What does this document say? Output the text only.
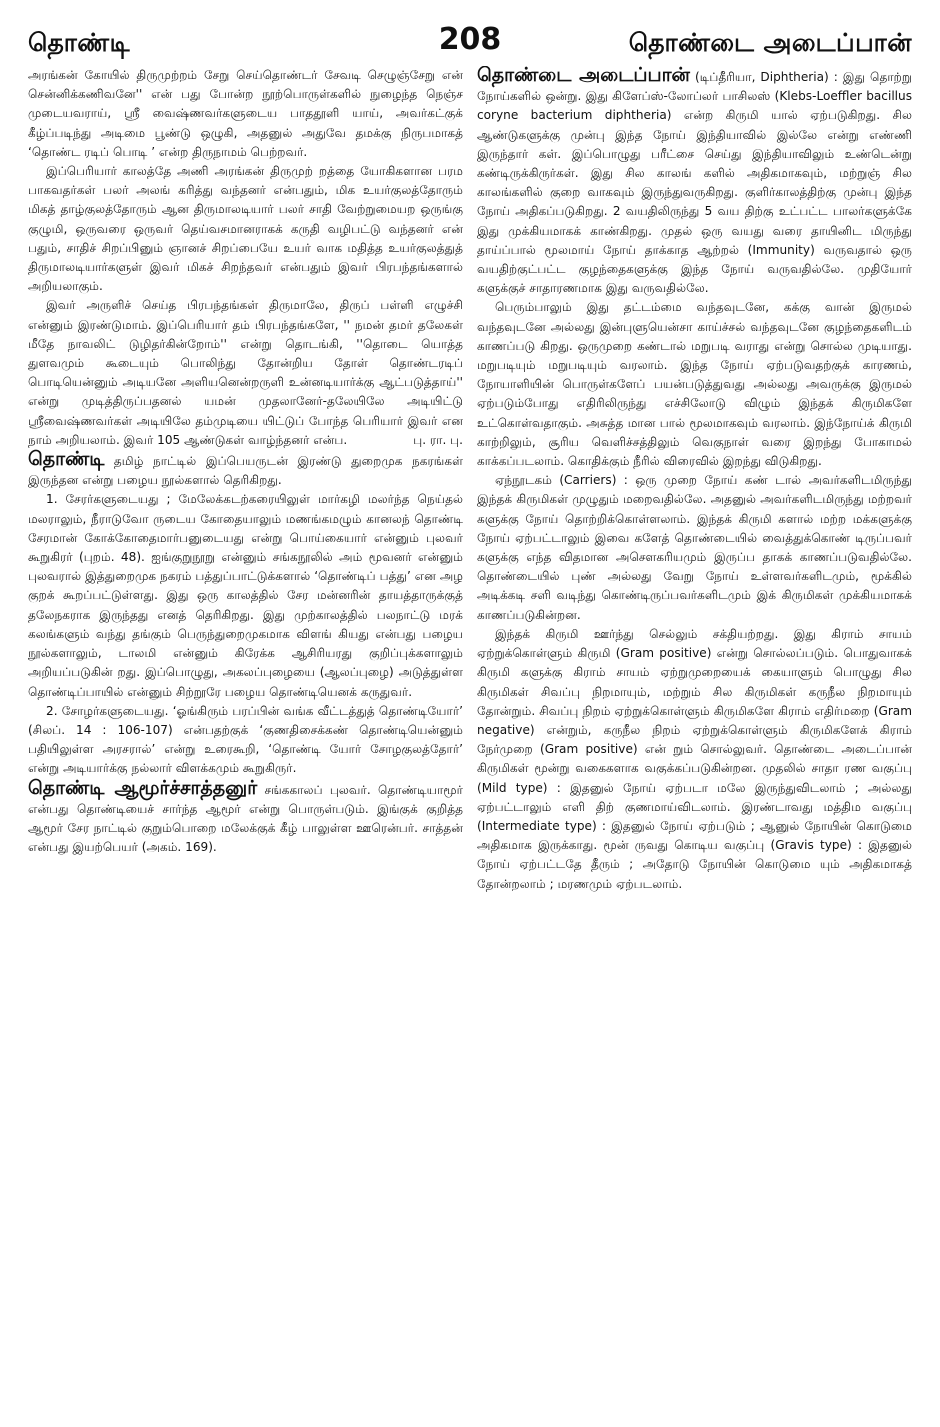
தொண்டி	208	தொண்டை அடைப்பான்

அரங்கன் கோயில் திருமுற்றம் சேறு செய்தொண்டர் சேவடி செழுஞ்சேறு என் சென்னிக்கணிவனே'' என் பது போன்ற நூற்பொருள்களில் நுழைந்த நெஞ்ச முடையவராய், ஸ்ரீ வைஷ்ணவர்களுடைய பாததூளி யாய், அவர்கட்குக் கீழ்ப்படிந்து அடிமை பூண்டு ஒழுகி, அதனுல் அதுவே தமக்கு நிருபமாகத் ‘தொண்ட ரடிப் பொடி ’ என்ற திருநாமம் பெற்றவர்.

இப்பெரியார் காலத்தே அணி அரங்கன் திருமுற் றத்தை யோகிகளான பரம பாகவதர்கள் பலர் அலங் கரித்து வந்தனர் என்பதும், மிக உயர்குலத்தோரும் மிகத் தாழ்குலத்தோரும் ஆன திருமாலடியார் பலர் சாதி வேற்றுமையற ஒருங்கு குழுமி, ஒருவரை ஒருவர் தெய்வசமானராகக் கருதி வழிபட்டு வந்தனர் என் பதும், சாதிச் சிறப்பினும் ஞானச் சிறப்பையே உயர் வாக மதித்த உயர்குலத்துத் திருமாலடியார்களுள் இவர் மிகச் சிறந்தவர் என்பதும் இவர் பிரபந்தங்களால் அறியலாகும்.

இவர் அருளிச் செய்த பிரபந்தங்கள் திருமாலே, திருப் பள்ளி எழுச்சி என்னும் இரண்டுமாம். இப்பெரியார் தம் பிரபந்தங்களே, '' நமன் தமர் தலேகள் மீதே நாவலிட் டுழிதர்கின்றோம்'' என்று தொடங்கி, ''தொடை யொத்த துளவமும் கூடையும் பொலிந்து தோன்றிய தோள் தொண்டரடிப் பொடியென்னும் அடியனே அளியனென்றருளி உன்னடியார்க்கு ஆட்படுத்தாய்'' என்று முடித்திருப்பதனல் யமன் முதலானேர்-தலேயிலே அடியிட்டு ஸ்ரீவைஷ்ணவர்கள் அடியிலே தம்முடியை யிட்டுப் போந்த பெரியார் இவர் என நாம் அறியலாம். இவர் 105 ஆண்டுகள் வாழ்ந்தனர் என்ப.	பு. ரா. பு.

தொண்டி தமிழ் நாட்டில் இப்பெயருடன் இரண்டு துறைமுக நகரங்கள் இருந்தன என்று பழைய நூல்களால் தெரிகிறது.

1. சேரர்களுடையது ; மேலேக்கடற்கரையிலுள் மார்கழி மலர்ந்த நெய்தல் மலராலும், நீராடுவோ ருடைய கோதையாலும் மணங்கமழும் கானலந் தொண்டி சேரமான் கோக்கோதைமார்பனுடையது என்று பொய்கையார் என்னும் புலவர் கூறுகிரர் (புறம். 48). ஐங்குறுநூறு என்னும் சங்கநூலில் அம் மூவனர் என்னும் புலவரால் இத்துறைமுக நகரம் பத்துப்பாட்டுக்களால் ‘தொண்டிப் பத்து’ என அழ குறக் கூறப்பட்டுள்ளது. இது ஒரு காலத்தில் சேர மன்னரின் தாயத்தாருக்குத் தலேநகராக இருந்தது எனத் தெரிகிறது. இது முற்காலத்தில் பலநாட்டு மரக் கலங்களும் வந்து தங்கும் பெருந்துறைமுகமாக விளங் கியது என்பது பழைய நூல்களாலும், டாலமி என்னும் கிரேக்க ஆசிரியரது குறிப்புக்களாலும் அறியப்படுகின் றது. இப்பொழுது, அகலப்புழையை (ஆலப்புழை) அடுத்துள்ள தொண்டிப்பாயில் என்னும் சிற்றூரே பழைய தொண்டியெனக் கருதுவர்.

2. சோழர்களுடையது. ‘ஓங்கிரும் பரப்பின் வங்க வீட்டத்துத் தொண்டியோர்’ (சிலப். 14 : 106-107) என்பதற்குக் ‘குணதிசைக்கண் தொண்டியென்னும் பதியிலுள்ள அரசரால்’ என்று உரைகூறி, ‘தொண்டி யோர் சோழகுலத்தோர்’ என்று அடியார்க்கு நல்லார் விளக்கமும் கூறுகிருர்.

தொண்டி ஆமூர்ச்சாத்தனுர் சங்ககாலப் புலவர். தொண்டியாமூர் என்பது தொண்டியைச் சார்ந்த ஆமூர் என்று பொருள்படும். இங்குக் குறித்த ஆமூர் சேர நாட்டில் குறும்பொறை மலேக்குக் கீழ் பாலுள்ள ஊரென்பர். சாத்தன் என்பது இயற்பெயர் (அகம். 169).

தொண்டை அடைப்பான் (டிப்தீரியா, Diphtheria) : இது தொற்று நோய்களில் ஒன்று. இது கிளேப்ஸ்-லோப்லர் பாசிலஸ் (Klebs-Loeffler bacillus coryne bacterium diphtheria) என்ற கிருமி யால் ஏற்படுகிறது. சில ஆண்டுகளுக்கு முன்பு இந்த நோய் இந்தியாவில் இல்லே என்று எண்ணி இருந்தார் கள். இப்பொழுது பரீட்சை செய்து இந்தியாவிலும் உண்டென்று கண்டிருக்கிருர்கள். இது சில காலங் களில் அதிகமாகவும், மற்றுஞ் சில காலங்களில் குறை வாகவும் இருந்துவருகிறது. குளிர்காலத்திற்கு முன்பு இந்த நோய் அதிகப்படுகிறது. 2 வயதிலிருந்து 5 வய திற்கு உட்பட்ட பாலர்களுக்கே இது முக்கியமாகக் காண்கிறது. முதல் ஒரு வயது வரை தாயினிட மிருந்து தாய்ப்பால் மூலமாய் நோய் தாக்காத ஆற்றல் (Immunity) வருவதால் ஒரு வயதிற்குட்பட்ட குழந்தைகளுக்கு இந்த நோய் வருவதில்லே. முதியோர் களுக்குச் சாதாரணமாக இது வருவதில்லே.

பெரும்பாலும் இது தட்டம்மை வந்தவுடனே, கக்கு வான் இருமல் வந்தவுடனே அல்லது இன்புளுயென்சா காய்ச்சல் வந்தவுடனே குழந்தைகளிடம் காணப்படு கிறது. ஒருமுறை கண்டால் மறுபடி வராது என்று சொல்ல முடியாது. மறுபடியும் மறுபடியும் வரலாம். இந்த நோய் ஏற்படுவதற்குக் காரணம், நோயாளியின் பொருள்களேப் பயன்படுத்துவது அல்லது அவருக்கு இருமல் ஏற்படும்போது எதிரிலிருந்து எச்சிலோடு விழும் இந்தக் கிருமிகளே உட்கொள்வதாகும். அசுத்த மான பால் மூலமாகவும் வரலாம். இந்நோய்க் கிருமி காற்றிலும், சூரிய வெளிச்சத்திலும் வெகுநாள் வரை இறந்து போகாமல் காக்கப்படலாம். கொதிக்கும் நீரில் விரைவில் இறந்து விடுகிறது.

ஏந்நூடகம் (Carriers) : ஒரு முறை நோய் கண் டால் அவர்களிடமிருந்து இந்தக் கிருமிகள் முழுதும் மறைவதில்லே. அதனுல் அவர்களிடமிருந்து மற்றவர் களுக்கு நோய் தொற்றிக்கொள்ளலாம். இந்தக் கிருமி களால் மற்ற மக்களுக்கு நோய் ஏற்பட்டாலும் இவை களேத் தொண்டையில் வைத்துக்கொண் டிருப்பவர் களுக்கு எந்த விதமான அசௌகரியமும் இருப்ப தாகக் காணப்படுவதில்லே. தொண்டையில் புண் அல்லது வேறு நோய் உள்ளவர்களிடமும், மூக்கில் அடிக்கடி சளி வடிந்து கொண்டிருப்பவர்களிடமும் இக் கிருமிகள் முக்கியமாகக் காணப்படுகின்றன.

இந்தக் கிருமி ஊர்ந்து செல்லும் சக்தியற்றது. இது கிராம் சாயம் ஏற்றுக்கொள்ளும் கிருமி (Gram positive) என்று சொல்லப்படும். பொதுவாகக் கிருமி களுக்கு கிராம் சாயம் ஏற்றுமுறையைக் கையாளும் பொழுது சில கிருமிகள் சிவப்பு நிறமாயும், மற்றும் சில கிருமிகள் கருநீல நிறமாயும் தோன்றும். சிவப்பு நிறம் ஏற்றுக்கொள்ளும் கிருமிகளே கிராம் எதிர்மறை (Gram negative) என்றும், கருநீல நிறம் ஏற்றுக்கொள்ளும் கிருமிகளேக் கிராம் நேர்முறை (Gram positive) என் றும் சொல்லுவர். தொண்டை அடைப்பான் கிருமிகள் மூன்று வகைகளாக வகுக்கப்படுகின்றன. முதலில் சாதா ரண வகுப்பு (Mild type) : இதனுல் நோய் ஏற்படா மலே இருந்துவிடலாம் ; அல்லது ஏற்பட்டாலும் எளி திற் குணமாய்விடலாம். இரண்டாவது மத்திம வகுப்பு (Intermediate type) : இதனுல் நோய் ஏற்படும் ; ஆனுல் நோயின் கொடுமை அதிகமாக இருக்காது. மூன் ருவது கொடிய வகுப்பு (Gravis type) : இதனுல் நோய் ஏற்பட்டதே தீரும் ; அதோடு நோயின் கொடுமை யும் அதிகமாகத் தோன்றலாம் ; மரணமும் ஏற்படலாம்.
